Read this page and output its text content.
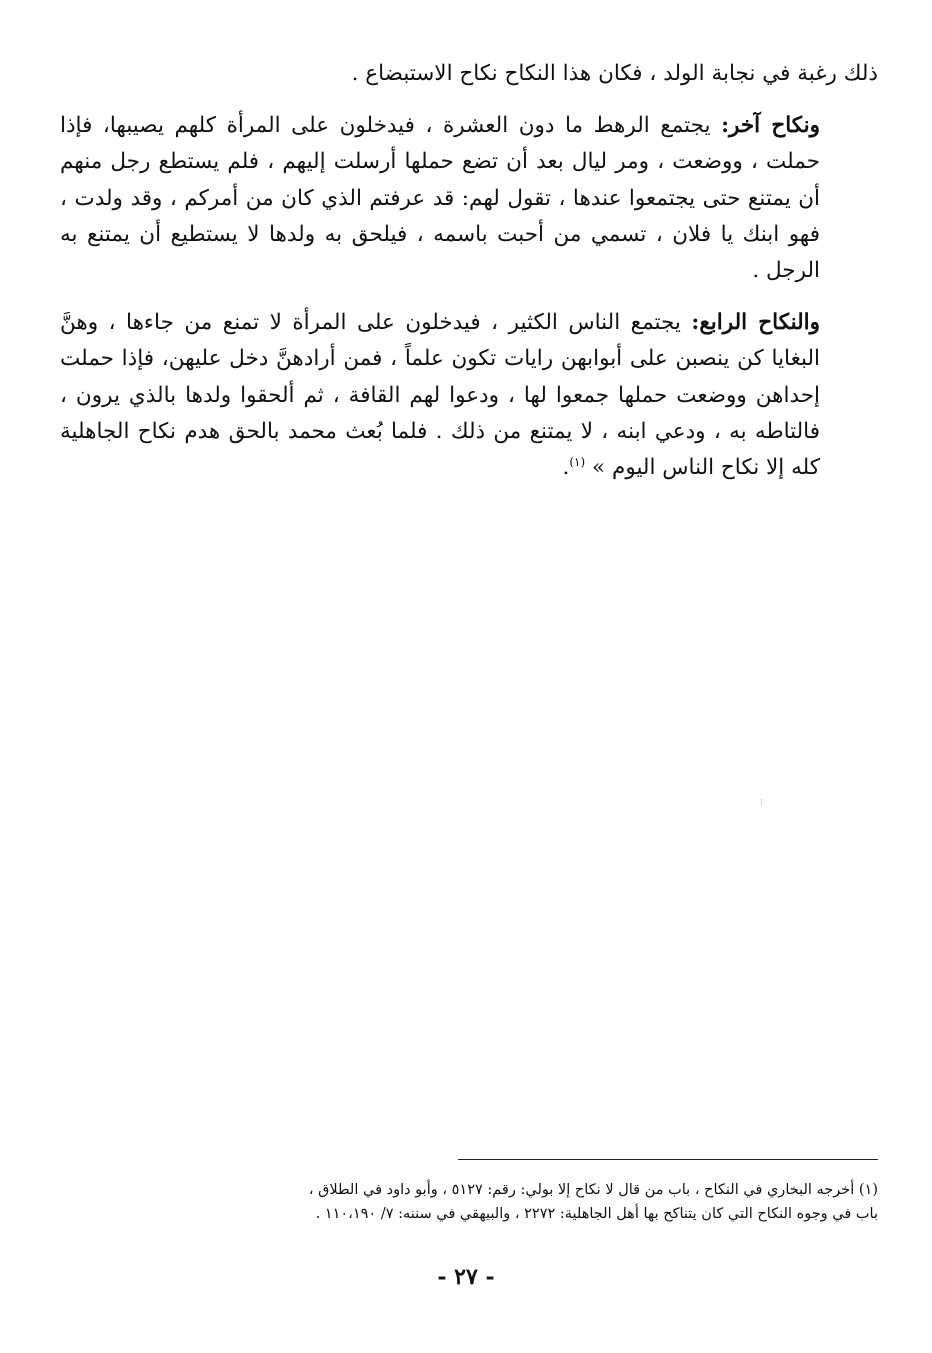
ذلك رغبة في نجابة الولد ، فكان هذا النكاح نكاح الاستبضاع .

ونكاح آخر: يجتمع الرهط ما دون العشرة ، فيدخلون على المرأة كلهم يصيبها، فإذا حملت ، ووضعت ، ومر ليال بعد أن تضع حملها أرسلت إليهم ، فلم يستطع رجل منهم أن يمتنع حتى يجتمعوا عندها ، تقول لهم: قد عرفتم الذي كان من أمركم ، وقد ولدت ، فهو ابنك يا فلان ، تسمي من أحبت باسمه ، فيلحق به ولدها لا يستطيع أن يمتنع به الرجل .

والنكاح الرابع: يجتمع الناس الكثير ، فيدخلون على المرأة لا تمنع من جاءها ، وهنَّ البغايا كن ينصبن على أبوابهن رايات تكون علماً ، فمن أرادهنَّ دخل عليهن، فإذا حملت إحداهن ووضعت حملها جمعوا لها ، ودعوا لهم القافة ، ثم ألحقوا ولدها بالذي يرون ، فالتاطه به ، ودعي ابنه ، لا يمتنع من ذلك . فلما بُعث محمد بالحق هدم نكاح الجاهلية كله إلا نكاح الناس اليوم » $^{(١)}$.

⁝

(١) أخرجه البخاري في النكاح ، باب من قال لا نكاح إلا بولي: رقم: ٥١٢٧ ، وأبو داود في الطلاق ،

باب في وجوه النكاح التي كان يتناكح بها أهل الجاهلية: ٢٢٧٢ ، والبيهقي في سننه: ٧/ ١١٠،١٩٠ .

- ٢٧ -
